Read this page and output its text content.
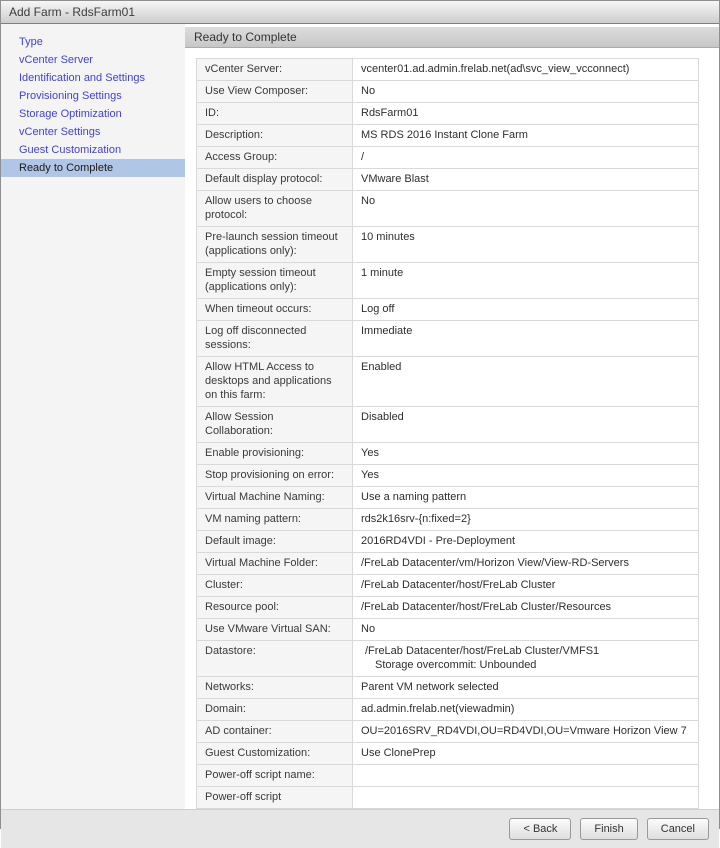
Add Farm - RdsFarm01
Type
vCenter Server
Identification and Settings
Provisioning Settings
Storage Optimization
vCenter Settings
Guest Customization
Ready to Complete
Ready to Complete
vCenter Server:	vcenter01.ad.admin.frelab.net(ad\svc_view_vcconnect)
Use View Composer:	No
ID:	RdsFarm01
Description:	MS RDS 2016 Instant Clone Farm
Access Group:	/
Default display protocol:	VMware Blast
Allow users to choose protocol:	No
Pre-launch session timeout (applications only):	10 minutes
Empty session timeout (applications only):	1 minute
When timeout occurs:	Log off
Log off disconnected sessions:	Immediate
Allow HTML Access to desktops and applications on this farm:	Enabled
Allow Session Collaboration:	Disabled
Enable provisioning:	Yes
Stop provisioning on error:	Yes
Virtual Machine Naming:	Use a naming pattern
VM naming pattern:	rds2k16srv-{n:fixed=2}
Default image:	2016RD4VDI - Pre-Deployment
Virtual Machine Folder:	/FreLab Datacenter/vm/Horizon View/View-RD-Servers
Cluster:	/FreLab Datacenter/host/FreLab Cluster
Resource pool:	/FreLab Datacenter/host/FreLab Cluster/Resources
Use VMware Virtual SAN:	No
Datastore:	/FreLab Datacenter/host/FreLab Cluster/VMFS1
Storage overcommit: Unbounded

Networks:	Parent VM network selected
Domain:	ad.admin.frelab.net(viewadmin)
AD container:	OU=2016SRV_RD4VDI,OU=RD4VDI,OU=Vmware Horizon View 7
Guest Customization:	Use ClonePrep
Power-off script name:	
Power-off script	
< Back	Finish	Cancel
